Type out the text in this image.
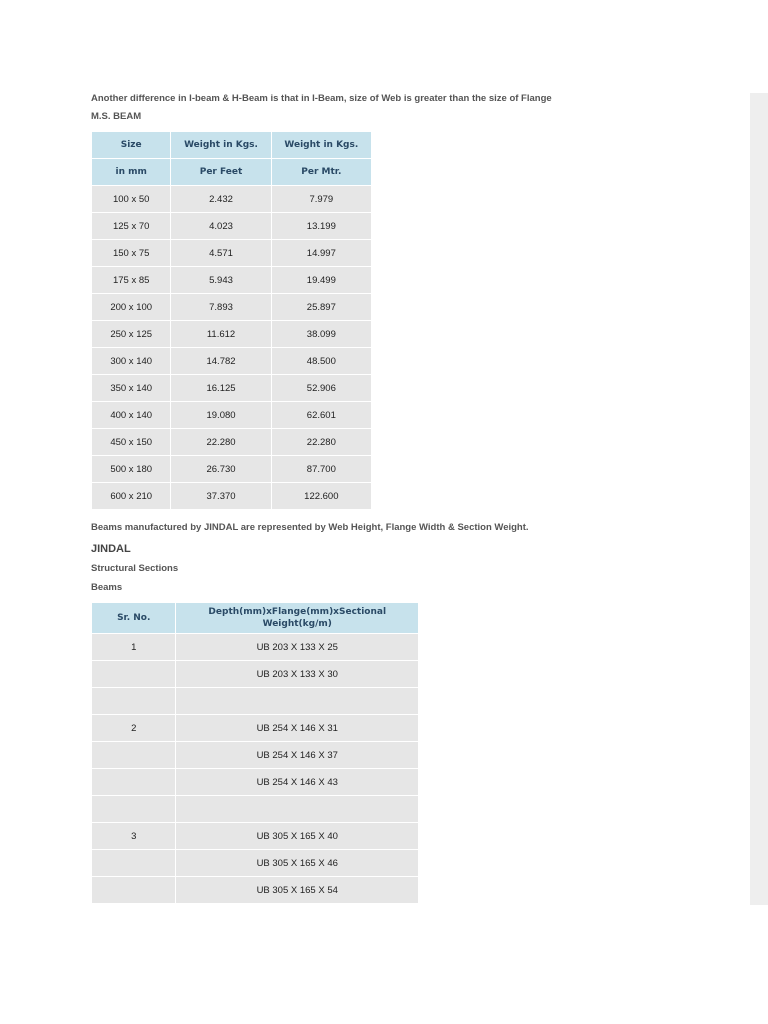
Another difference in I-beam & H-Beam is that in I-Beam, size of Web is greater than the size of Flange
M.S. BEAM
Size	Weight in Kgs.	Weight in Kgs.
in mm	Per Feet	Per Mtr.
100 x 50	2.432	7.979
125 x 70	4.023	13.199
150 x 75	4.571	14.997
175 x 85	5.943	19.499
200 x 100	7.893	25.897
250 x 125	11.612	38.099
300 x 140	14.782	48.500
350 x 140	16.125	52.906
400 x 140	19.080	62.601
450 x 150	22.280	22.280
500 x 180	26.730	87.700
600 x 210	37.370	122.600
Beams manufactured by JINDAL are represented by Web Height, Flange Width & Section Weight.
JINDAL
Structural Sections
Beams
Sr. No.	Depth(mm)xFlange(mm)xSectional Weight(kg/m)
1	UB 203 X 133 X 25
	UB 203 X 133 X 30

2	UB 254 X 146 X 31
	UB 254 X 146 X 37
	UB 254 X 146 X 43

3	UB 305 X 165 X 40
	UB 305 X 165 X 46
	UB 305 X 165 X 54
